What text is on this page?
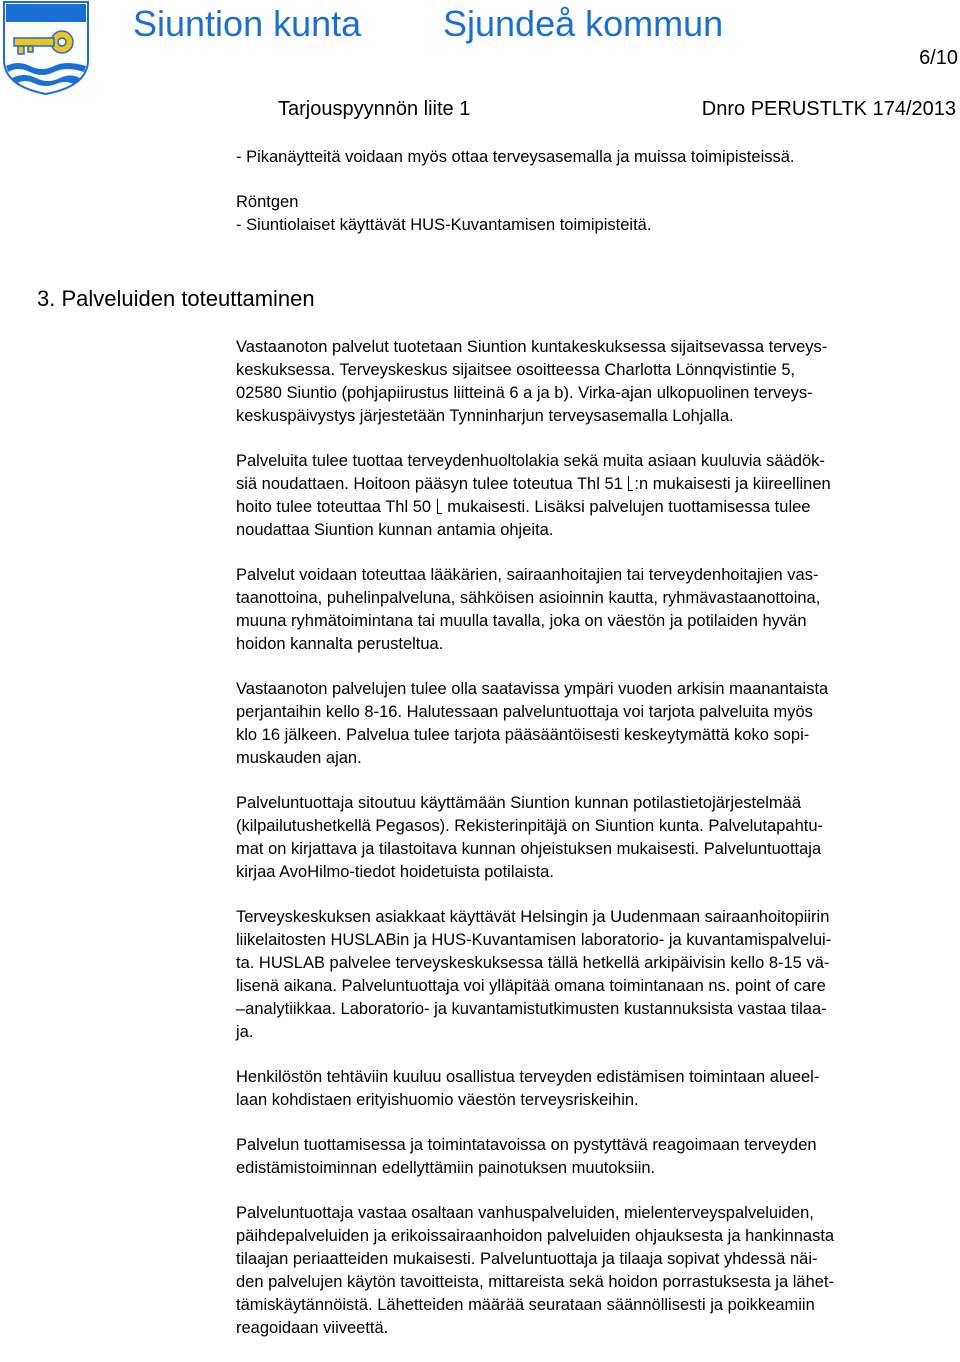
Siuntion kunta Sjundeå kommun
6/10
Tarjouspyynnön liite 1	Dnro PERUSTLTK 174/2013

- Pikanäytteitä voidaan myös ottaa terveysasemalla ja muissa toimipisteissä.

Röntgen

- Siuntiolaiset käyttävät HUS-Kuvantamisen toimipisteitä.

3. Palveluiden toteuttaminen

Vastaanoton palvelut tuotetaan Siuntion kuntakeskuksessa sijaitsevassa terveys-
keskuksessa. Terveyskeskus sijaitsee osoitteessa Charlotta Lönnqvistintie 5,
02580 Siuntio (pohjapiirustus liitteinä 6 a ja b). Virka-ajan ulkopuolinen terveys-
keskuspäivystys järjestetään Tynninharjun terveysasemalla Lohjalla.

Palveluita tulee tuottaa terveydenhuoltolakia sekä muita asiaan kuuluvia säädök-
siä noudattaen. Hoitoon pääsyn tulee toteutua Thl 51 :n mukaisesti ja kiireellinen
hoito tulee toteuttaa Thl 50 mukaisesti. Lisäksi palvelujen tuottamisessa tulee
noudattaa Siuntion kunnan antamia ohjeita.

Palvelut voidaan toteuttaa lääkärien, sairaanhoitajien tai terveydenhoitajien vas-
taanottoina, puhelinpalveluna, sähköisen asioinnin kautta, ryhmävastaanottoina,
muuna ryhmätoimintana tai muulla tavalla, joka on väestön ja potilaiden hyvän
hoidon kannalta perusteltua.

Vastaanoton palvelujen tulee olla saatavissa ympäri vuoden arkisin maanantaista
perjantaihin kello 8-16. Halutessaan palveluntuottaja voi tarjota palveluita myös
klo 16 jälkeen. Palvelua tulee tarjota pääsääntöisesti keskeytymättä koko sopi-
muskauden ajan.

Palveluntuottaja sitoutuu käyttämään Siuntion kunnan potilastietojärjestelmää
(kilpailutushetkellä Pegasos). Rekisterinpitäjä on Siuntion kunta. Palvelutapahtu-
mat on kirjattava ja tilastoitava kunnan ohjeistuksen mukaisesti. Palveluntuottaja
kirjaa AvoHilmo-tiedot hoidetuista potilaista.

Terveyskeskuksen asiakkaat käyttävät Helsingin ja Uudenmaan sairaanhoitopiirin
liikelaitosten HUSLABin ja HUS-Kuvantamisen laboratorio- ja kuvantamispalvelui-
ta. HUSLAB palvelee terveyskeskuksessa tällä hetkellä arkipäivisin kello 8-15 vä-
lisenä aikana. Palveluntuottaja voi ylläpitää omana toimintanaan ns. point of care
–analytiikkaa. Laboratorio- ja kuvantamistutkimusten kustannuksista vastaa tilaa-
ja.

Henkilöstön tehtäviin kuuluu osallistua terveyden edistämisen toimintaan alueel-
laan kohdistaen erityishuomio väestön terveysriskeihin.

Palvelun tuottamisessa ja toimintatavoissa on pystyttävä reagoimaan terveyden
edistämistoiminnan edellyttämiin painotuksen muutoksiin.

Palveluntuottaja vastaa osaltaan vanhuspalveluiden, mielenterveyspalveluiden,
päihdepalveluiden ja erikoissairaanhoidon palveluiden ohjauksesta ja hankinnasta
tilaajan periaatteiden mukaisesti. Palveluntuottaja ja tilaaja sopivat yhdessä näi-
den palvelujen käytön tavoitteista, mittareista sekä hoidon porrastuksesta ja lähet-
tämiskäytännöistä. Lähetteiden määrää seurataan säännöllisesti ja poikkeamiin
reagoidaan viiveettä.
